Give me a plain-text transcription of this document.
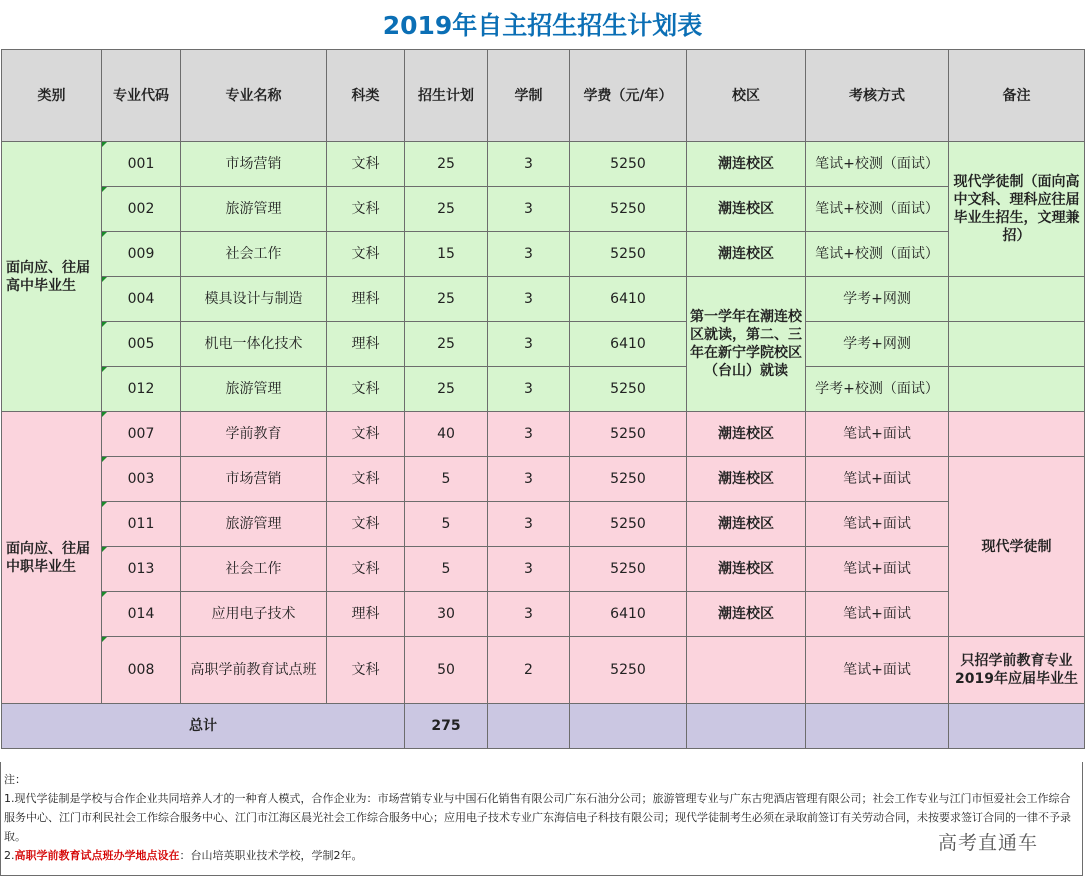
2019年自主招生招生计划表
类别	专业代码	专业名称	科类	招生计划	学制	学费（元/年）	校区	考核方式	备注
面向应、往届高中毕业生	001	市场营销	文科	25	3	5250	潮连校区	笔试+校测（面试）	现代学徒制（面向高中文科、理科应往届毕业生招生，文理兼招）
	002	旅游管理	文科	25	3	5250	潮连校区	笔试+校测（面试）	
	009	社会工作	文科	15	3	5250	潮连校区	笔试+校测（面试）	
	004	模具设计与制造	理科	25	3	6410	第一学年在潮连校区就读，第二、三年在新宁学院校区（台山）就读	学考+网测	
	005	机电一体化技术	理科	25	3	6410		学考+网测	
	012	旅游管理	文科	25	3	5250		学考+校测（面试）	
面向应、往届中职毕业生	007	学前教育	文科	40	3	5250	潮连校区	笔试+面试	
	003	市场营销	文科	5	3	5250	潮连校区	笔试+面试	现代学徒制
	011	旅游管理	文科	5	3	5250	潮连校区	笔试+面试	
	013	社会工作	文科	5	3	5250	潮连校区	笔试+面试	
	014	应用电子技术	理科	30	3	6410	潮连校区	笔试+面试	
	008	高职学前教育试点班	文科	50	2	5250		笔试+面试	只招学前教育专业2019年应届毕业生
总计				275					

注：

1.现代学徒制是学校与合作企业共同培养人才的一种育人模式，合作企业为：市场营销专业与中国石化销售有限公司广东石油分公司；旅游管理专业与广东古兜酒店管理有限公司；社会工作专业与江门市恒爱社会工作综合服务中心、江门市利民社会工作综合服务中心、江门市江海区晨光社会工作综合服务中心；应用电子技术专业广东海信电子科技有限公司；现代学徒制考生必须在录取前签订有关劳动合同，未按要求签订合同的一律不予录取。

2.高职学前教育试点班办学地点设在：台山培英职业技术学校，学制2年。

高考直通车
